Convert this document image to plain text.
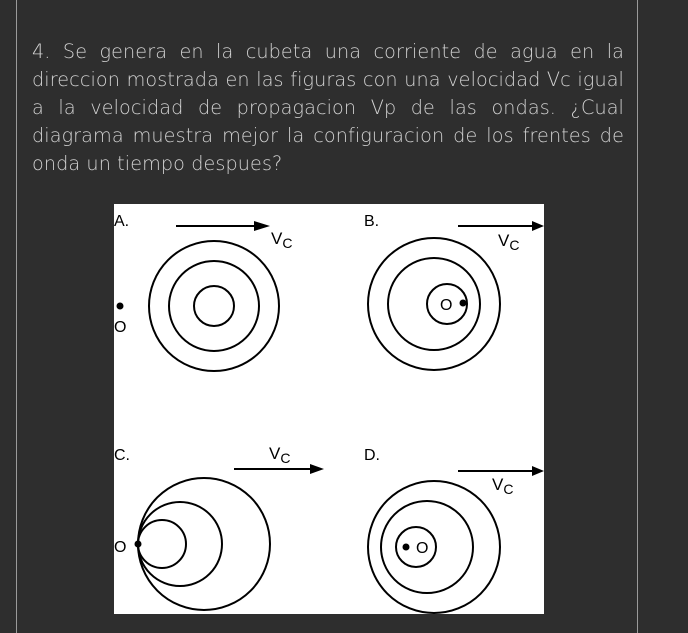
4. Se genera en la cubeta una corriente de agua en la direccion mostrada en las figuras con una velocidad Vc igual a la velocidad de propagacion Vp de las ondas. ¿Cual diagrama muestra mejor la configuracion de los frentes de onda un tiempo despues?

A.
$V_C$
O
B.
$V_C$
O
C.	$V_C$
O
D.
$V_C$
O
